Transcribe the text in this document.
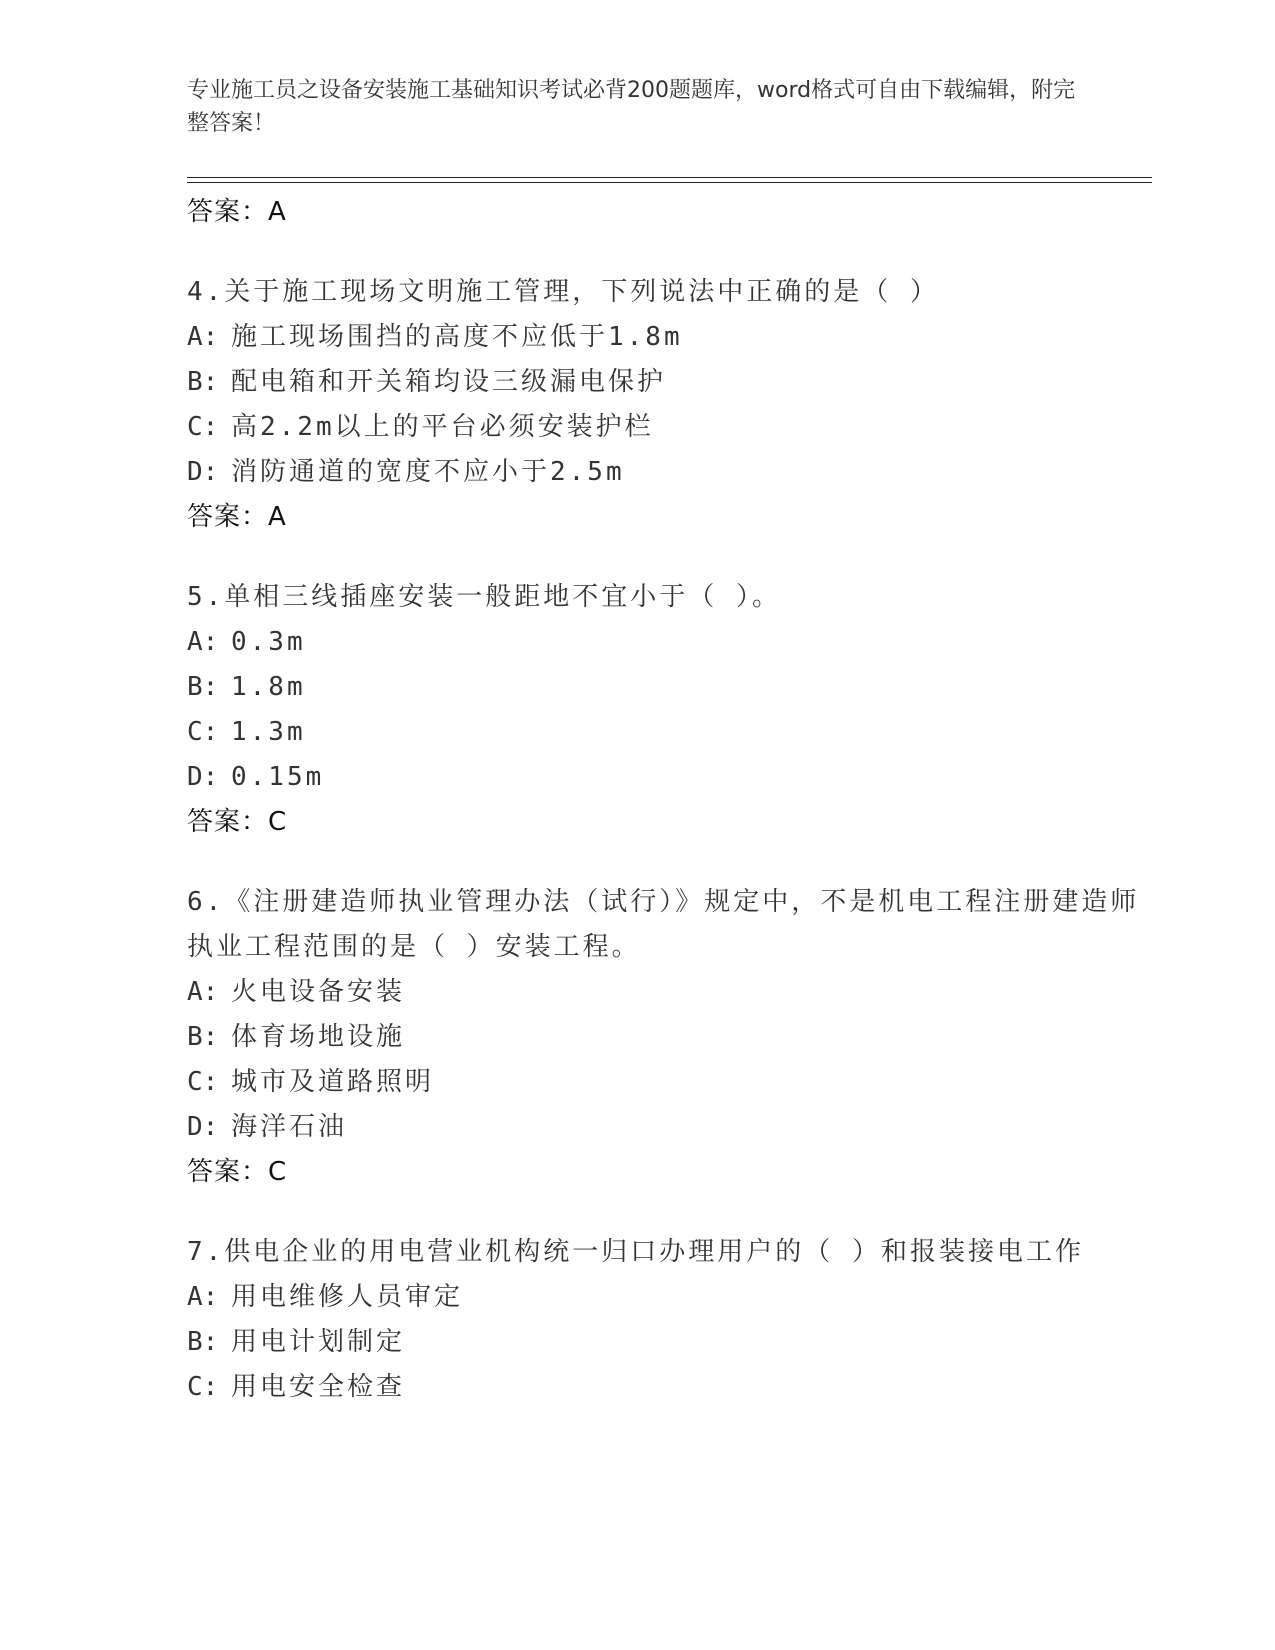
专业施工员之设备安装施工基础知识考试必背200题题库，word格式可自由下载编辑，附完整答案！
答案：A
4.关于施工现场文明施工管理，下列说法中正确的是（ ）
A: 施工现场围挡的高度不应低于1.8m
B: 配电箱和开关箱均设三级漏电保护
C: 高2.2m以上的平台必须安装护栏
D: 消防通道的宽度不应小于2.5m
答案：A
5.单相三线插座安装一般距地不宜小于（ ）。
A: 0.3m
B: 1.8m
C: 1.3m
D: 0.15m
答案：C
6.《注册建造师执业管理办法（试行）》规定中，不是机电工程注册建造师执业工程范围的是（ ）安装工程。
A: 火电设备安装
B: 体育场地设施
C: 城市及道路照明
D: 海洋石油
答案：C
7.供电企业的用电营业机构统一归口办理用户的（ ）和报装接电工作
A: 用电维修人员审定
B: 用电计划制定
C: 用电安全检查
